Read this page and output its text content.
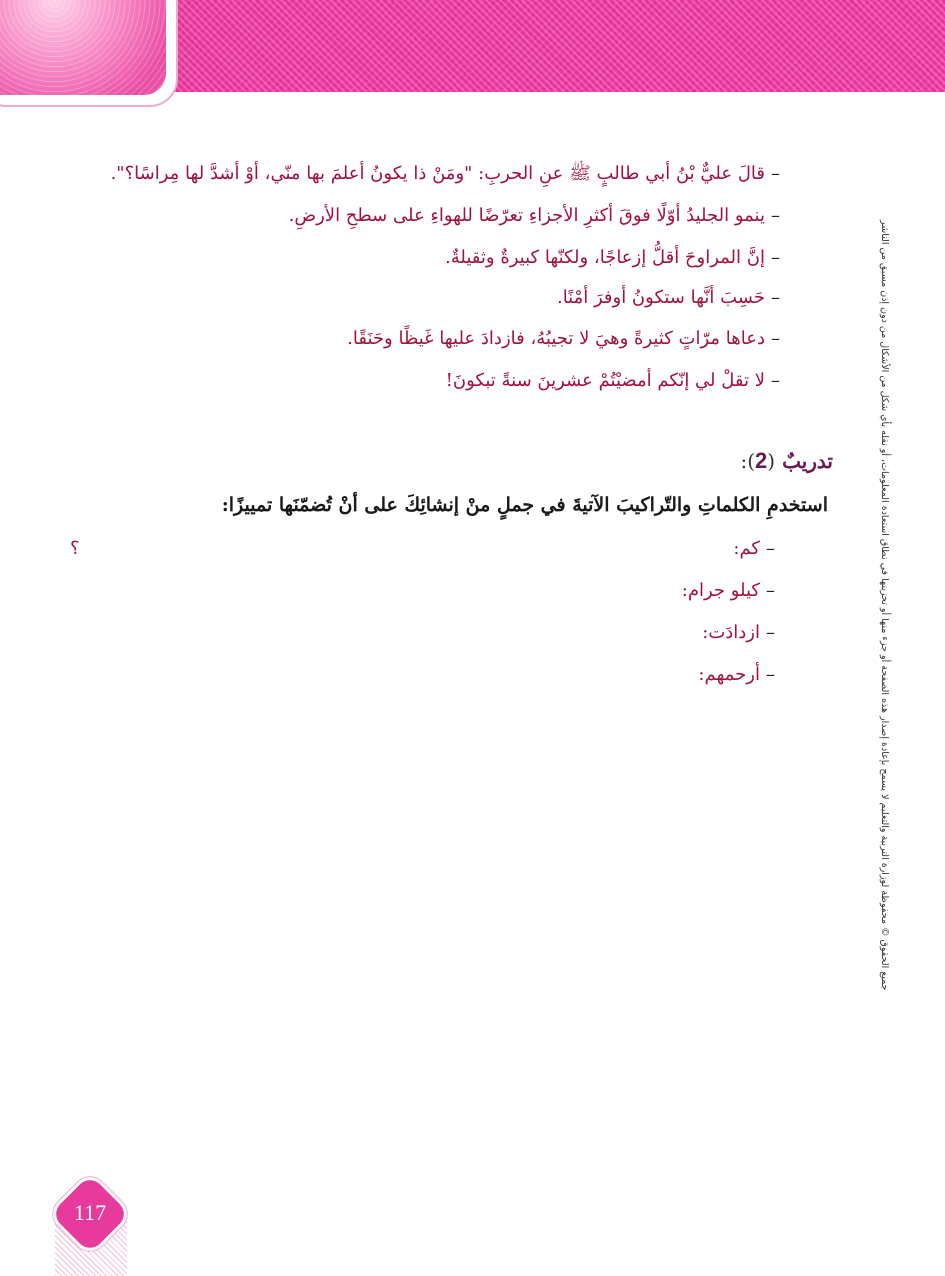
جميع الحقوق © محفوظة لوزارة التربية والتعليم لا يسمح بإعادة إصدار هذه الصفحة أو جزء منها أو تخزينها في نطاق استعادة المعلومات، أو نقله بأي شكل من الأشكال من دون إذن مسبق من الناشر
–قالَ عليٌّ بْنُ أبي طالبٍ ﷺ عنِ الحربِ: "ومَنْ ذا يكونُ أعلمَ بها منّي، أوْ أشدَّ لها مِراسًا؟".
–ينمو الجليدُ أوّلًا فوقَ أكثرِ الأجزاءِ تعرّضًا للهواءِ على سطحِ الأرضِ.
–إنَّ المراوحَ أقلُّ إزعاجًا، ولكنّها كبيرةٌ وثقيلةٌ.
–حَسِبَ أنَّها ستكونُ أوفرَ أمْنًا.
–دعاها مرّاتٍ كثيرةً وهيَ لا تجيبُهُ، فازدادَ عليها غَيظًا وحَنَقًا.
–لا تقلْ لي إنّكم أمضيْتُمْ عشرينَ سنةً تبكونَ!
تدريبٌ (2):
استخدمِ الكلماتِ والتّراكيبَ الآتيةَ في جملٍ منْ إنشائِكَ على أنْ تُضمّنَها تمييزًا:
؟	–كم:
–كيلو جرام:
–ازدادَت:
–أرحمهم:
117
